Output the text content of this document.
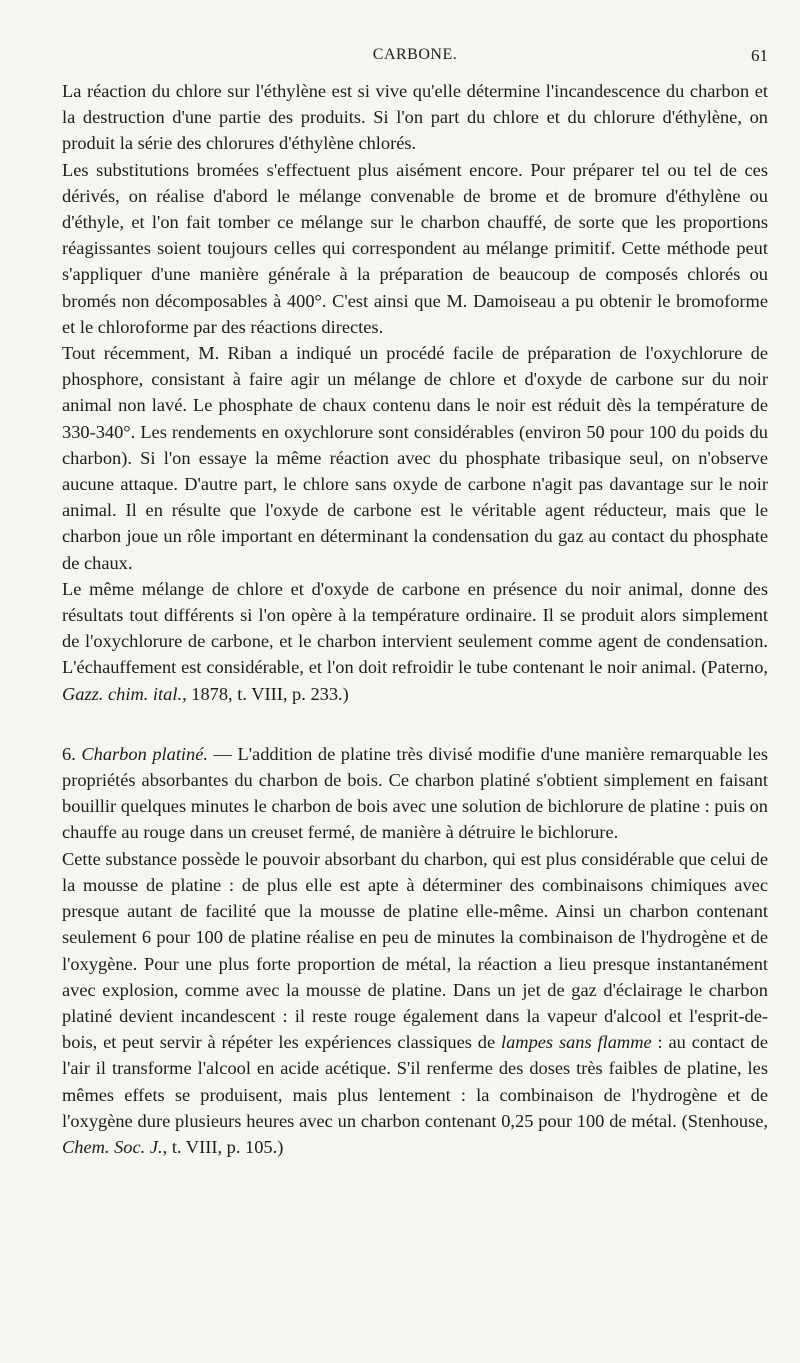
CARBONE.	61

La réaction du chlore sur l'éthylène est si vive qu'elle détermine l'incandescence du charbon et la destruction d'une partie des produits. Si l'on part du chlore et du chlorure d'éthylène, on produit la série des chlorures d'éthylène chlorés.

Les substitutions bromées s'effectuent plus aisément encore. Pour préparer tel ou tel de ces dérivés, on réalise d'abord le mélange convenable de brome et de bromure d'éthylène ou d'éthyle, et l'on fait tomber ce mélange sur le charbon chauffé, de sorte que les proportions réagissantes soient toujours celles qui correspondent au mélange primitif. Cette méthode peut s'appliquer d'une manière générale à la préparation de beaucoup de composés chlorés ou bromés non décomposables à 400°. C'est ainsi que M. Damoiseau a pu obtenir le bromoforme et le chloroforme par des réactions directes.

Tout récemment, M. Riban a indiqué un procédé facile de préparation de l'oxychlorure de phosphore, consistant à faire agir un mélange de chlore et d'oxyde de carbone sur du noir animal non lavé. Le phosphate de chaux contenu dans le noir est réduit dès la température de 330-340°. Les rendements en oxychlorure sont considérables (environ 50 pour 100 du poids du charbon). Si l'on essaye la même réaction avec du phosphate tribasique seul, on n'observe aucune attaque. D'autre part, le chlore sans oxyde de carbone n'agit pas davantage sur le noir animal. Il en résulte que l'oxyde de carbone est le véritable agent réducteur, mais que le charbon joue un rôle important en déterminant la condensation du gaz au contact du phosphate de chaux.

Le même mélange de chlore et d'oxyde de carbone en présence du noir animal, donne des résultats tout différents si l'on opère à la température ordinaire. Il se produit alors simplement de l'oxychlorure de carbone, et le charbon intervient seulement comme agent de condensation. L'échauffement est considérable, et l'on doit refroidir le tube contenant le noir animal. (Paterno, Gazz. chim. ital., 1878, t. VIII, p. 233.)

6. Charbon platiné. — L'addition de platine très divisé modifie d'une manière remarquable les propriétés absorbantes du charbon de bois. Ce charbon platiné s'obtient simplement en faisant bouillir quelques minutes le charbon de bois avec une solution de bichlorure de platine : puis on chauffe au rouge dans un creuset fermé, de manière à détruire le bichlorure.

Cette substance possède le pouvoir absorbant du charbon, qui est plus considérable que celui de la mousse de platine : de plus elle est apte à déterminer des combinaisons chimiques avec presque autant de facilité que la mousse de platine elle-même. Ainsi un charbon contenant seulement 6 pour 100 de platine réalise en peu de minutes la combinaison de l'hydrogène et de l'oxygène. Pour une plus forte proportion de métal, la réaction a lieu presque instantanément avec explosion, comme avec la mousse de platine. Dans un jet de gaz d'éclairage le charbon platiné devient incandescent : il reste rouge également dans la vapeur d'alcool et l'esprit-de-bois, et peut servir à répéter les expériences classiques de lampes sans flamme : au contact de l'air il transforme l'alcool en acide acétique. S'il renferme des doses très faibles de platine, les mêmes effets se produisent, mais plus lentement : la combinaison de l'hydrogène et de l'oxygène dure plusieurs heures avec un charbon contenant 0,25 pour 100 de métal. (Stenhouse, Chem. Soc. J., t. VIII, p. 105.)
